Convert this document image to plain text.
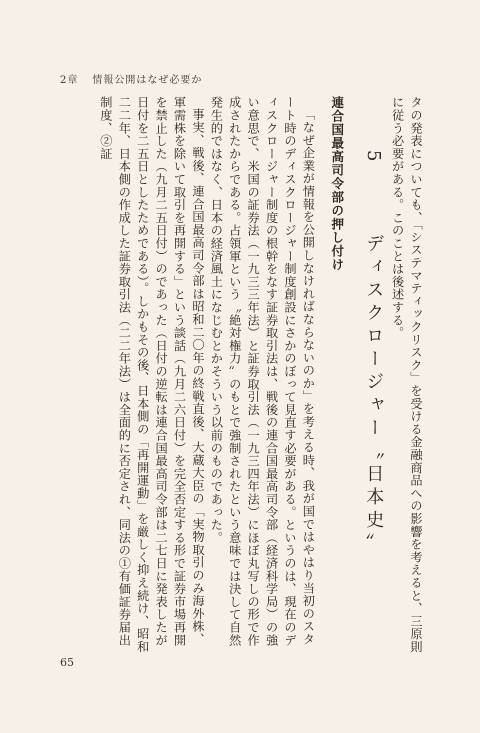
2章 情報公開はなぜ必要か

タの発表についても、「システマティックリスク」を受ける金融商品への影響を考えると、三原則

に従う必要がある。このことは後述する。

5　　ディスクロージャー〝日本史〟
連合国最高司令部の押し付け

「なぜ企業が情報を公開しなければならないのか」を考える時、我が国ではやはり当初のスタート時のディスクロージャー制度創設にさかのぼって見直す必要がある。というのは、現在のディスクロージャー制度の根幹をなす証券取引法は、戦後の連合国最高司令部（経済科学局）の強い意思で、米国の証券法（一九三三年法）と証券取引法（一九三四年法）にほぼ丸写しの形で作成されたからである。占領軍という〝絶対権力〟のもとで強制されたという意味では決して自然発生的ではなく、日本の経済風土になじむとかそういう以前のものであった。

事実、戦後、連合国最高司令部は昭和二〇年の終戦直後、大蔵大臣の「実物取引のみ海外株、軍需株を除いて取引を再開する」という談話（九月二六日付）を完全否定する形で証券市場再開を禁止した（九月二五日付）のであった（日付の逆転は連合国最高司令部は二七日に発表したが日付を二五日としたためである）。しかもその後、日本側の「再開運動」を厳しく抑え続け、昭和二二年、日本側の作成した証券取引法（二二年法）は全面的に否定され、同法の①有価証券届出制度、②証

65
